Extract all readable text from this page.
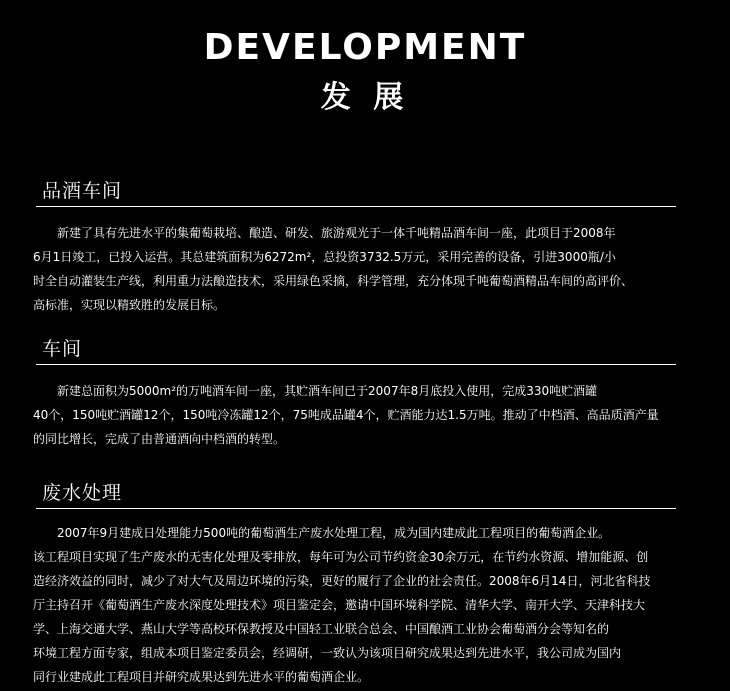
DEVELOPMENT
发 展
品酒车间
　　新建了具有先进水平的集葡萄栽培、酿造、研发、旅游观光于一体千吨精品酒车间一座，此项目于2008年
6月1日竣工，已投入运营。其总建筑面积为6272m²，总投资3732.5万元，采用完善的设备，引进3000瓶/小
时全自动灌装生产线，利用重力法酿造技术，采用绿色采摘，科学管理，充分体现千吨葡萄酒精品车间的高评价、
高标准，实现以精致胜的发展目标。
车间
　　新建总面积为5000m²的万吨酒车间一座，其贮酒车间已于2007年8月底投入使用，完成330吨贮酒罐
40个，150吨贮酒罐12个，150吨冷冻罐12个，75吨成品罐4个，贮酒能力达1.5万吨。推动了中档酒、高品质酒产量
的同比增长，完成了由普通酒向中档酒的转型。
废水处理
　　2007年9月建成日处理能力500吨的葡萄酒生产废水处理工程，成为国内建成此工程项目的葡萄酒企业。
该工程项目实现了生产废水的无害化处理及零排放，每年可为公司节约资金30余万元，在节约水资源、增加能源、创
造经济效益的同时，减少了对大气及周边环境的污染，更好的履行了企业的社会责任。2008年6月14日，河北省科技
厅主持召开《葡萄酒生产废水深度处理技术》项目鉴定会，邀请中国环境科学院、清华大学、南开大学、天津科技大
学、上海交通大学、燕山大学等高校环保教授及中国轻工业联合总会、中国酿酒工业协会葡萄酒分会等知名的
环境工程方面专家，组成本项目鉴定委员会，经调研，一致认为该项目研究成果达到先进水平，我公司成为国内
同行业建成此工程项目并研究成果达到先进水平的葡萄酒企业。
